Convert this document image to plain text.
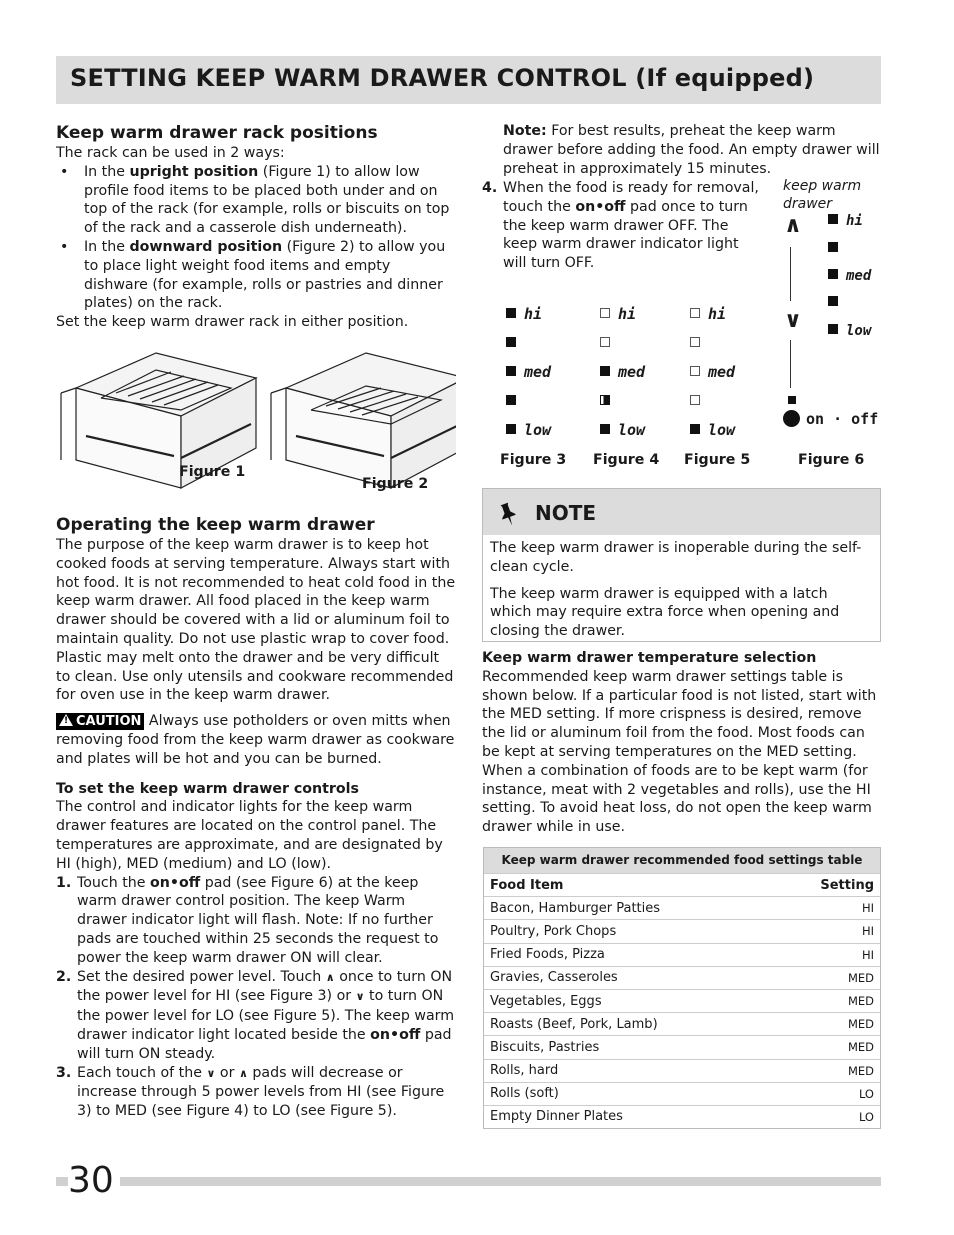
SETTING KEEP WARM DRAWER CONTROL (If equipped)
Keep warm drawer rack positions

The rack can be used in 2 ways:

• In the upright position (Figure 1) to allow low profile food items to be placed both under and on top of the rack (for example, rolls or biscuits on top of the rack and a casserole dish underneath).
• In the downward position (Figure 2) to allow you to place light weight food items and empty dishware (for example, rolls or pastries and dinner plates) on the rack.

Set the keep warm drawer rack in either position.

Figure 1
Figure 2
Operating the keep warm drawer

The purpose of the keep warm drawer is to keep hot cooked foods at serving temperature. Always start with hot food. It is not recommended to heat cold food in the keep warm drawer. All food placed in the keep warm drawer should be covered with a lid or aluminum foil to maintain quality. Do not use plastic wrap to cover food. Plastic may melt onto the drawer and be very difficult to clean. Use only utensils and cookware recommended for oven use in the keep warm drawer.

! CAUTION Always use potholders or oven mitts when removing food from the keep warm drawer as cookware and plates will be hot and you can be burned.

To set the keep warm drawer controls

The control and indicator lights for the keep warm drawer features are located on the control panel. The temperatures are approximate, and are designated by HI (high), MED (medium) and LO (low).

1. Touch the on•off pad (see Figure 6) at the keep warm drawer control position. The keep Warm drawer indicator light will flash. Note: If no further pads are touched within 25 seconds the request to power the keep warm drawer ON will clear.
2. Set the desired power level. Touch ∧ once to turn ON the power level for HI (see Figure 3) or ∨ to turn ON the power level for LO (see Figure 5). The keep warm drawer indicator light located beside the on•off pad will turn ON steady.
3. Each touch of the ∨ or ∧ pads will decrease or increase through 5 power levels from HI (see Figure 3) to MED (see Figure 4) to LO (see Figure 5).

Note: For best results, preheat the keep warm drawer before adding the food. An empty drawer will preheat in approximately 15 minutes.

4. When the food is ready for removal, touch the on•off pad once to turn the keep warm drawer OFF. The keep warm drawer indicator light will turn OFF.
hi
med
low
Figure 3
hi
med
low
Figure 4
hi
med
low
Figure 5
keep warm
drawer
∧
∨
hi
med
low
on · off
Figure 6
NOTE

The keep warm drawer is inoperable during the self-clean cycle.

The keep warm drawer is equipped with a latch which may require extra force when opening and closing the drawer.

Keep warm drawer temperature selection

Recommended keep warm drawer settings table is shown below. If a particular food is not listed, start with the MED setting. If more crispness is desired, remove the lid or aluminum foil from the food. Most foods can be kept at serving temperatures on the MED setting. When a combination of foods are to be kept warm (for instance, meat with 2 vegetables and rolls), use the HI setting. To avoid heat loss, do not open the keep warm drawer while in use.

Keep warm drawer recommended food settings table
Food Item	Setting
Bacon, Hamburger Patties	HI
Poultry, Pork Chops	HI
Fried Foods, Pizza	HI
Gravies, Casseroles	MED
Vegetables, Eggs	MED
Roasts (Beef, Pork, Lamb)	MED
Biscuits, Pastries	MED
Rolls, hard	MED
Rolls (soft)	LO
Empty Dinner Plates	LO
30
